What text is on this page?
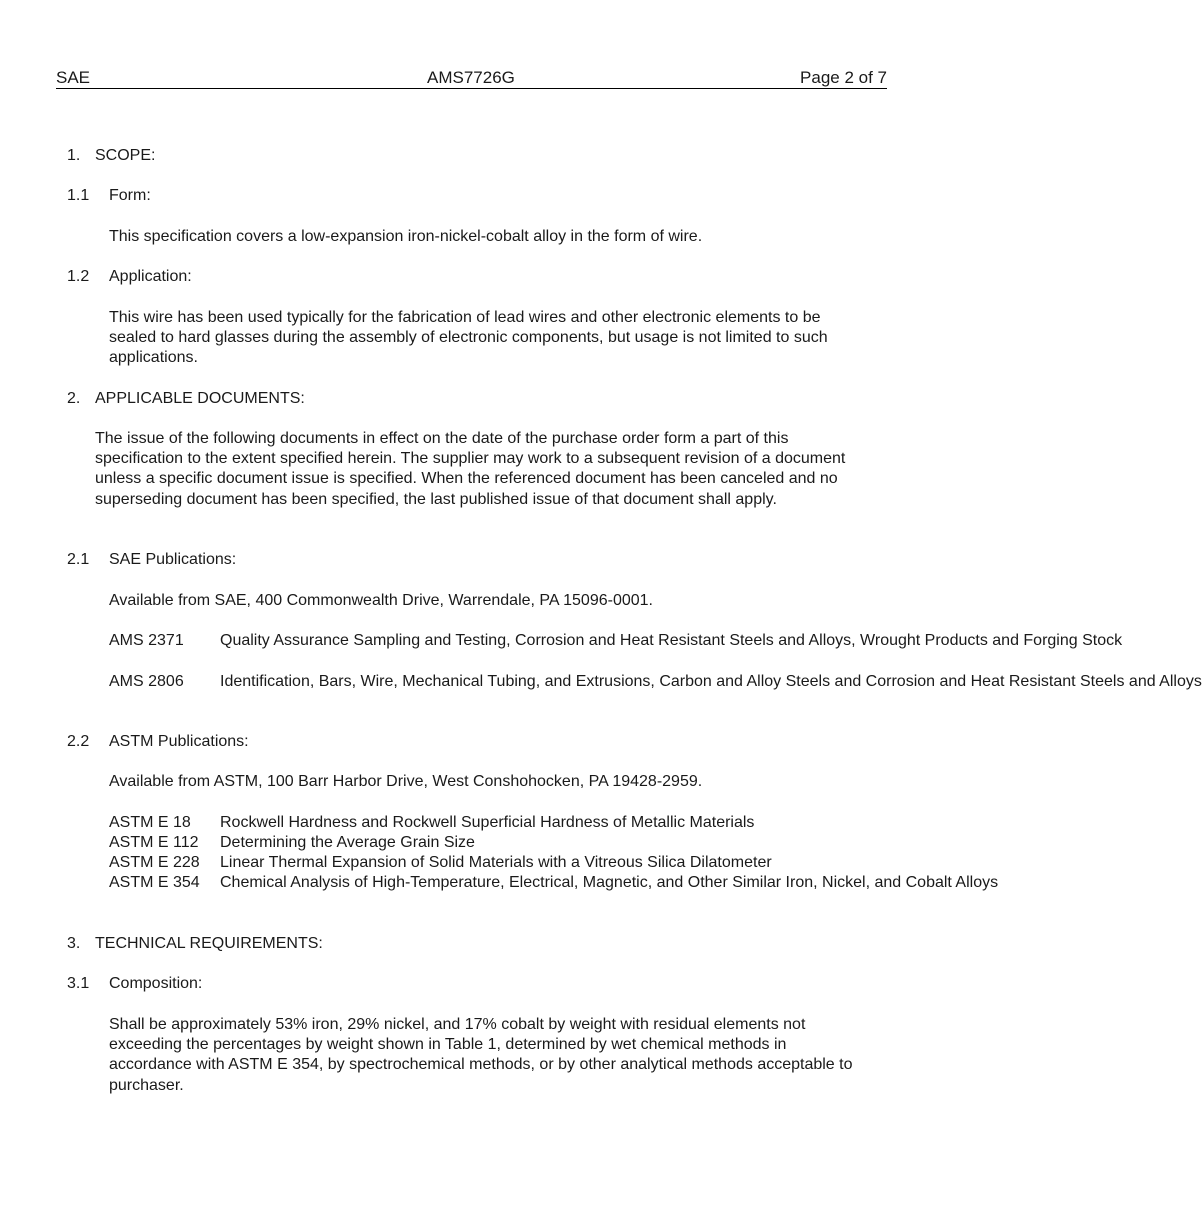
SAE	AMS7726G	Page 2 of 7
1. SCOPE:
1.1 Form:
This specification covers a low-expansion iron-nickel-cobalt alloy in the form of wire.
1.2 Application:
This wire has been used typically for the fabrication of lead wires and other electronic elements to be sealed to hard glasses during the assembly of electronic components, but usage is not limited to such applications.
2. APPLICABLE DOCUMENTS:
The issue of the following documents in effect on the date of the purchase order form a part of this specification to the extent specified herein. The supplier may work to a subsequent revision of a document unless a specific document issue is specified. When the referenced document has been canceled and no superseding document has been specified, the last published issue of that document shall apply.
2.1 SAE Publications:
Available from SAE, 400 Commonwealth Drive, Warrendale, PA 15096-0001.
AMS 2371 Quality Assurance Sampling and Testing, Corrosion and Heat Resistant Steels and Alloys, Wrought Products and Forging Stock
AMS 2806 Identification, Bars, Wire, Mechanical Tubing, and Extrusions, Carbon and Alloy Steels and Corrosion and Heat Resistant Steels and Alloys
2.2 ASTM Publications:
Available from ASTM, 100 Barr Harbor Drive, West Conshohocken, PA 19428-2959.
ASTM E 18 Rockwell Hardness and Rockwell Superficial Hardness of Metallic Materials
ASTM E 112 Determining the Average Grain Size
ASTM E 228 Linear Thermal Expansion of Solid Materials with a Vitreous Silica Dilatometer
ASTM E 354 Chemical Analysis of High-Temperature, Electrical, Magnetic, and Other Similar Iron, Nickel, and Cobalt Alloys
3. TECHNICAL REQUIREMENTS:
3.1 Composition:
Shall be approximately 53% iron, 29% nickel, and 17% cobalt by weight with residual elements not exceeding the percentages by weight shown in Table 1, determined by wet chemical methods in accordance with ASTM E 354, by spectrochemical methods, or by other analytical methods acceptable to purchaser.
